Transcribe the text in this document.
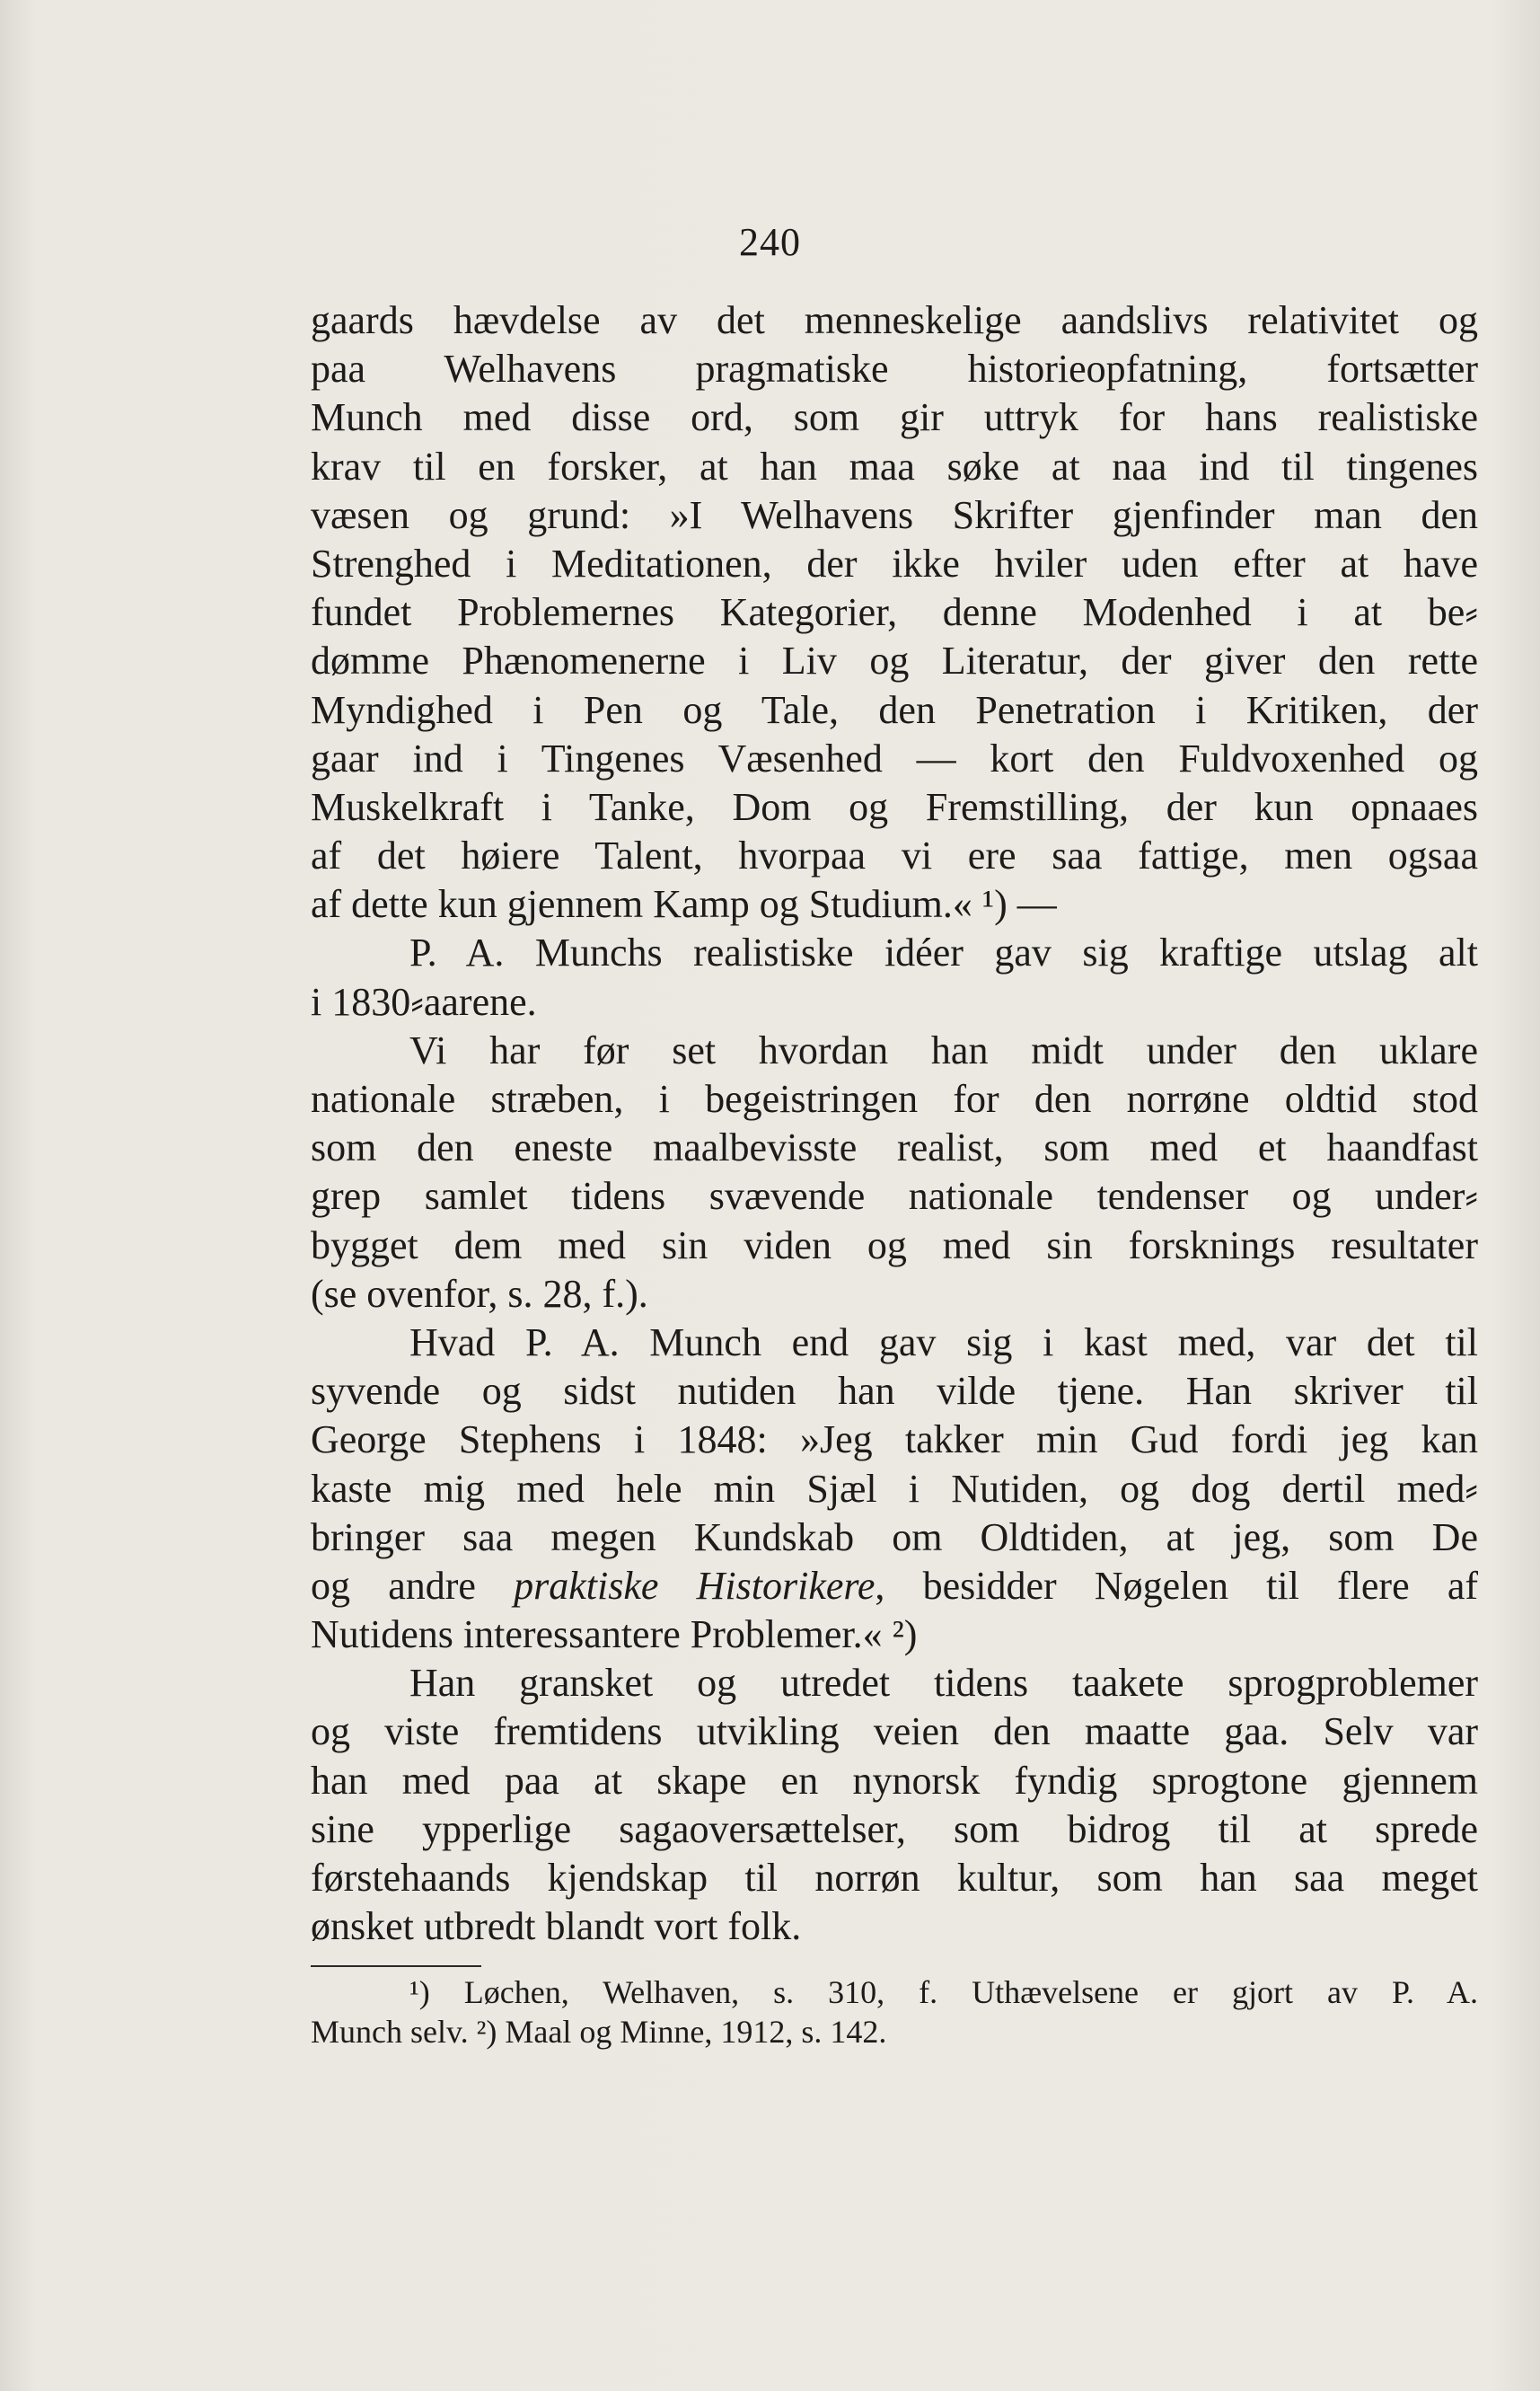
240
gaards hævdelse av det menneskelige aandslivs relativitet og
paa Welhavens pragmatiske historieopfatning, fortsætter
Munch med disse ord, som gir uttryk for hans realistiske
krav til en forsker, at han maa søke at naa ind til tingenes
væsen og grund: »I Welhavens Skrifter gjenfinder man den
Strenghed i Meditationen, der ikke hviler uden efter at have
fundet Problemernes Kategorier, denne Modenhed i at be⸗
dømme Phænomenerne i Liv og Literatur, der giver den rette
Myndighed i Pen og Tale, den Penetration i Kritiken, der
gaar ind i Tingenes Væsenhed — kort den Fuldvoxenhed og
Muskelkraft i Tanke, Dom og Fremstilling, der kun opnaaes
af det høiere Talent, hvorpaa vi ere saa fattige, men ogsaa
af dette kun gjennem Kamp og Studium.« ¹) —
P. A. Munchs realistiske idéer gav sig kraftige utslag alt
i 1830⸗aarene.
Vi har før set hvordan han midt under den uklare
nationale stræben, i begeistringen for den norrøne oldtid stod
som den eneste maalbevisste realist, som med et haandfast
grep samlet tidens svævende nationale tendenser og under⸗
bygget dem med sin viden og med sin forsknings resultater
(se ovenfor, s. 28, f.).
Hvad P. A. Munch end gav sig i kast med, var det til
syvende og sidst nutiden han vilde tjene. Han skriver til
George Stephens i 1848: »Jeg takker min Gud fordi jeg kan
kaste mig med hele min Sjæl i Nutiden, og dog dertil med⸗
bringer saa megen Kundskab om Oldtiden, at jeg, som De
og andre praktiske Historikere, besidder Nøgelen til flere af
Nutidens interessantere Problemer.« ²)
Han gransket og utredet tidens taakete sprogproblemer
og viste fremtidens utvikling veien den maatte gaa. Selv var
han med paa at skape en nynorsk fyndig sprogtone gjennem
sine ypperlige sagaoversættelser, som bidrog til at sprede
førstehaands kjendskap til norrøn kultur, som han saa meget
ønsket utbredt blandt vort folk.
¹) Løchen, Welhaven, s. 310, f. Uthævelsene er gjort av P. A.
Munch selv. ²) Maal og Minne, 1912, s. 142.
